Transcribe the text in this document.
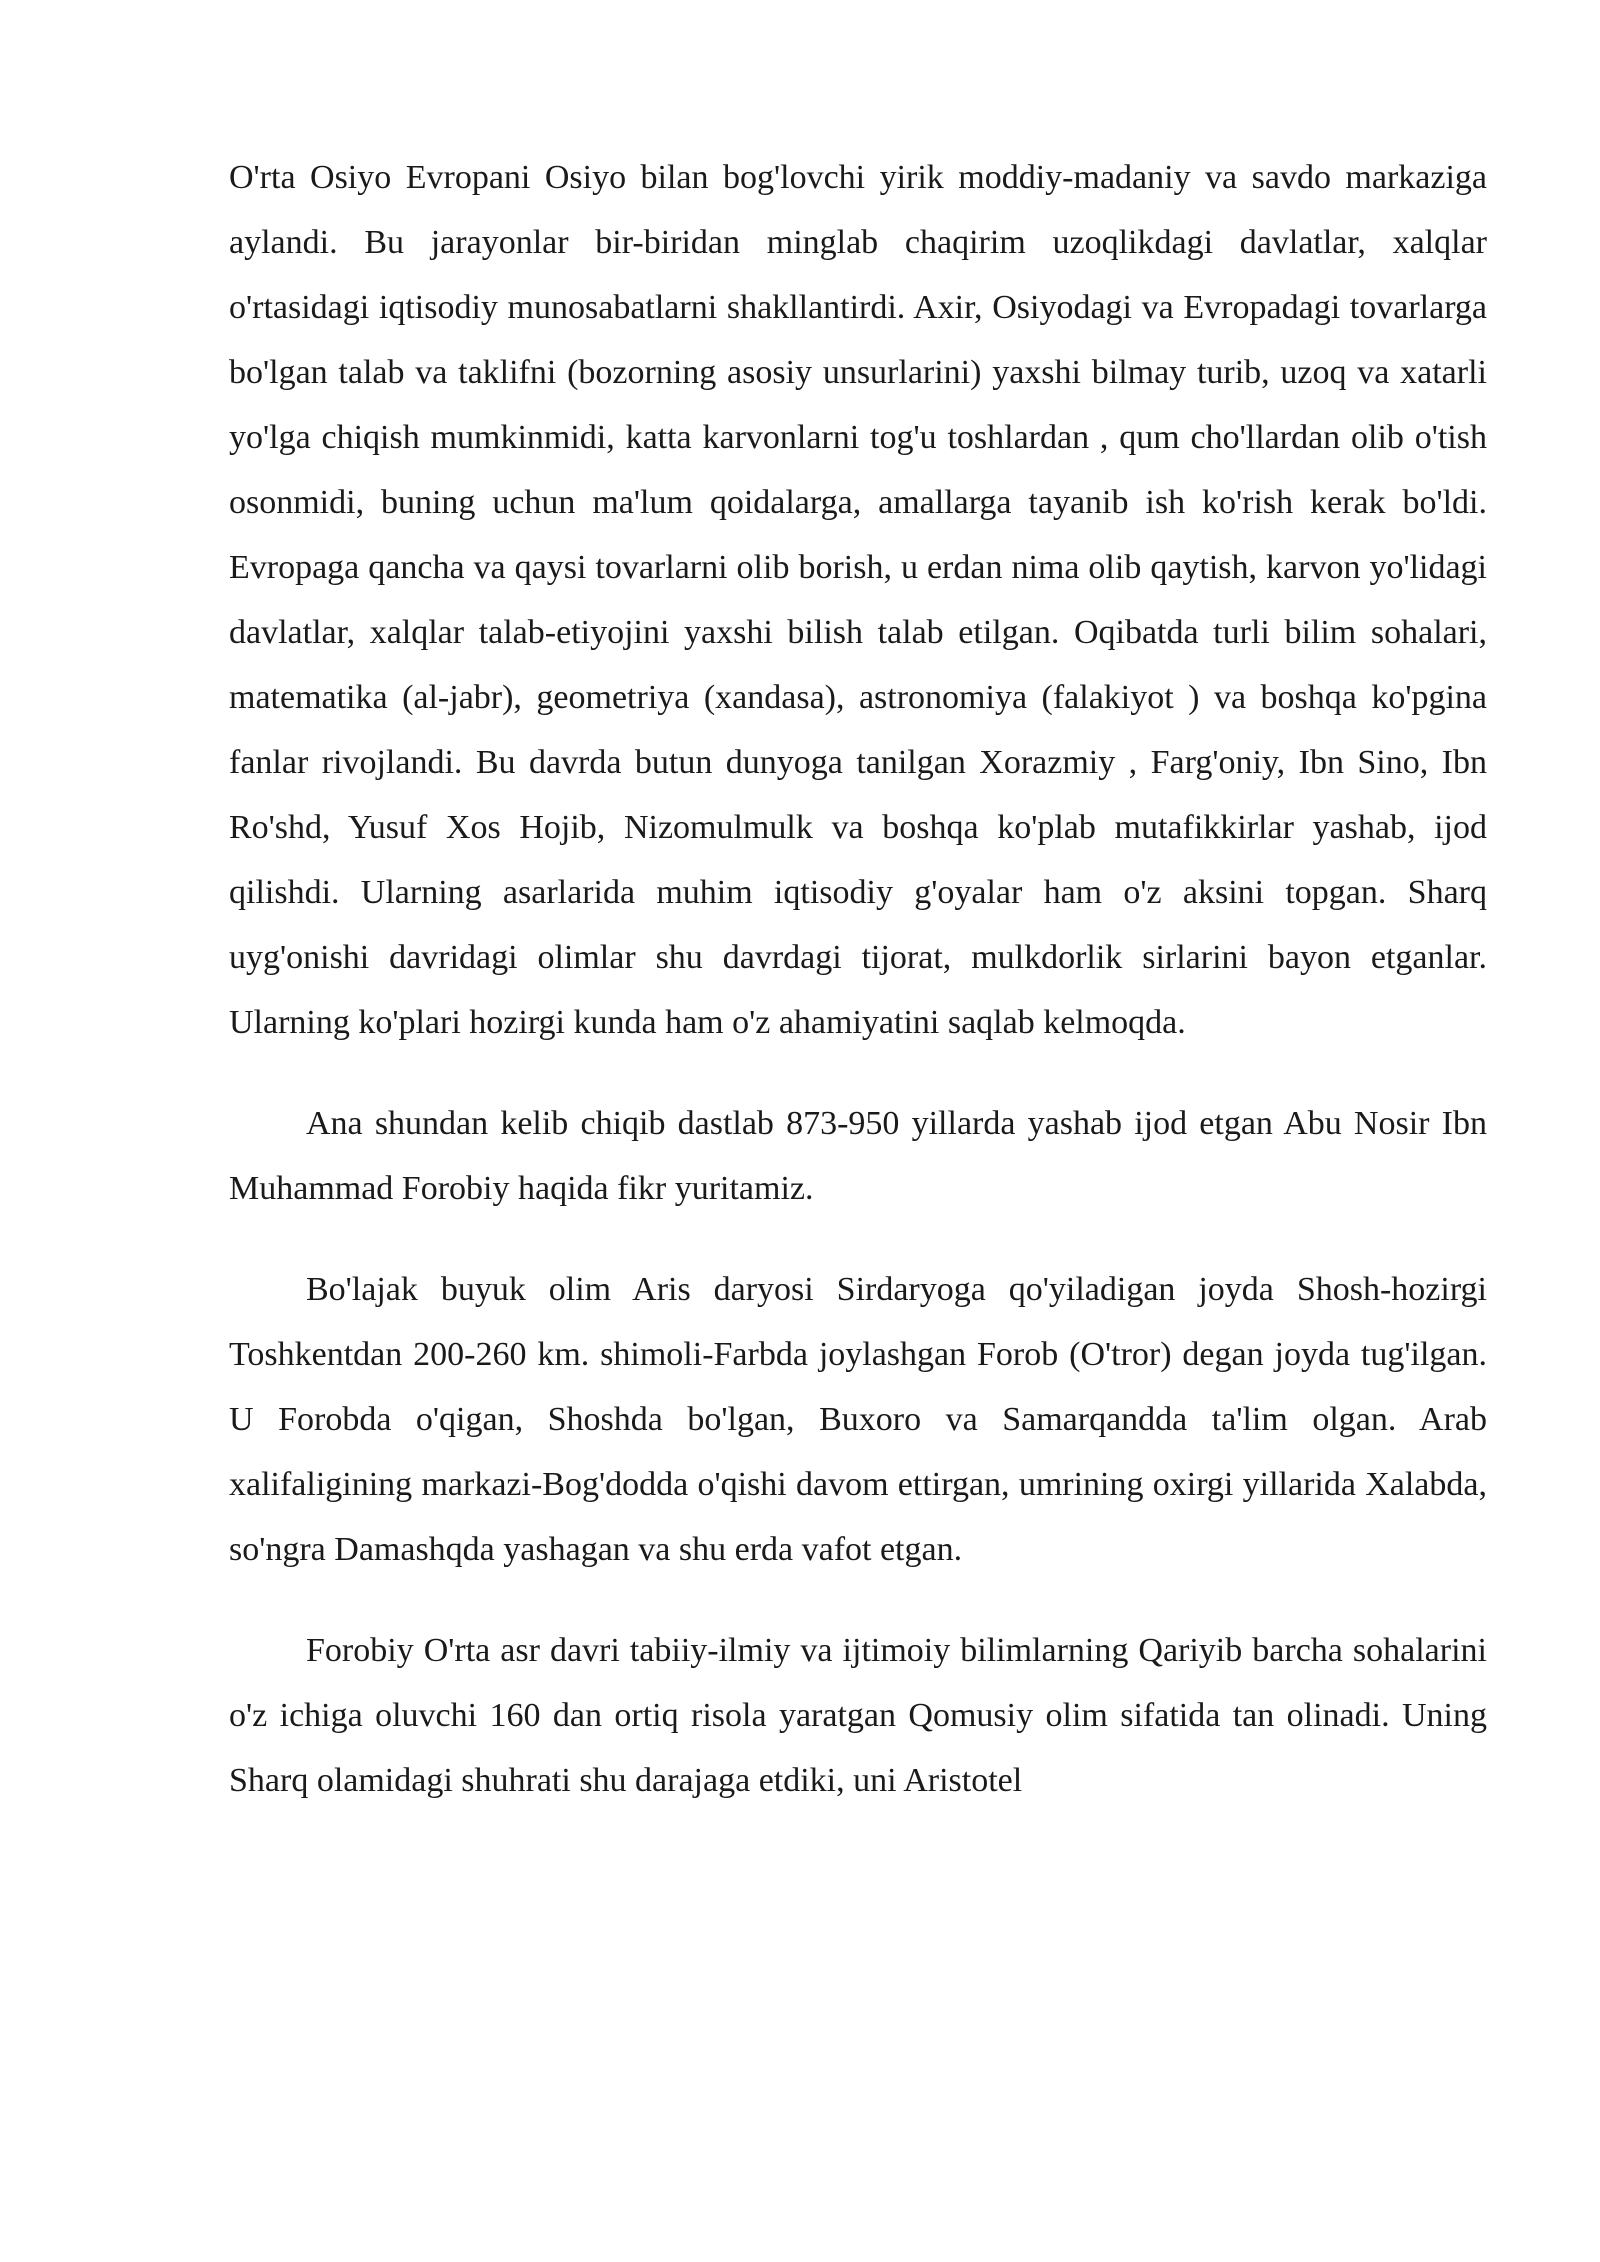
O'rta Osiyo Evropani Osiyo bilan bog'lovchi yirik moddiy-madaniy va savdo markaziga aylandi. Bu jarayonlar bir-biridan minglab chaqirim uzoqlikdagi davlatlar, xalqlar o'rtasidagi iqtisodiy munosabatlarni shakllantirdi. Axir, Osiyodagi va Evropadagi tovarlarga bo'lgan talab va taklifni (bozorning asosiy unsurlarini) yaxshi bilmay turib, uzoq va xatarli yo'lga chiqish mumkinmidi, katta karvonlarni tog'u toshlardan , qum cho'llardan olib o'tish osonmidi, buning uchun ma'lum qoidalarga, amallarga tayanib ish ko'rish kerak bo'ldi. Evropaga qancha va qaysi tovarlarni olib borish, u erdan nima olib qaytish, karvon yo'lidagi davlatlar, xalqlar talab-etiyojini yaxshi bilish talab etilgan. Oqibatda turli bilim sohalari, matematika (al-jabr), geometriya (xandasa), astronomiya (falakiyot ) va boshqa ko'pgina fanlar rivojlandi. Bu davrda butun dunyoga tanilgan Xorazmiy , Farg'oniy, Ibn Sino, Ibn Ro'shd, Yusuf Xos Hojib, Nizomulmulk va boshqa ko'plab mutafikkirlar yashab, ijod qilishdi. Ularning asarlarida muhim iqtisodiy g'oyalar ham o'z aksini topgan. Sharq uyg'onishi davridagi olimlar shu davrdagi tijorat, mulkdorlik sirlarini bayon etganlar. Ularning ko'plari hozirgi kunda ham o'z ahamiyatini saqlab kelmoqda.

Ana shundan kelib chiqib dastlab 873-950 yillarda yashab ijod etgan Abu Nosir Ibn Muhammad Forobiy haqida fikr yuritamiz.

Bo'lajak buyuk olim Aris daryosi Sirdaryoga qo'yiladigan joyda Shosh-hozirgi Toshkentdan 200-260 km. shimoli-Farbda joylashgan Forob (O'tror) degan joyda tug'ilgan. U Forobda o'qigan, Shoshda bo'lgan, Buxoro va Samarqandda ta'lim olgan. Arab xalifaligining markazi-Bog'dodda o'qishi davom ettirgan, umrining oxirgi yillarida Xalabda, so'ngra Damashqda yashagan va shu erda vafot etgan.

Forobiy O'rta asr davri tabiiy-ilmiy va ijtimoiy bilimlarning Qariyib barcha sohalarini o'z ichiga oluvchi 160 dan ortiq risola yaratgan Qomusiy olim sifatida tan olinadi. Uning Sharq olamidagi shuhrati shu darajaga etdiki, uni Aristotel
